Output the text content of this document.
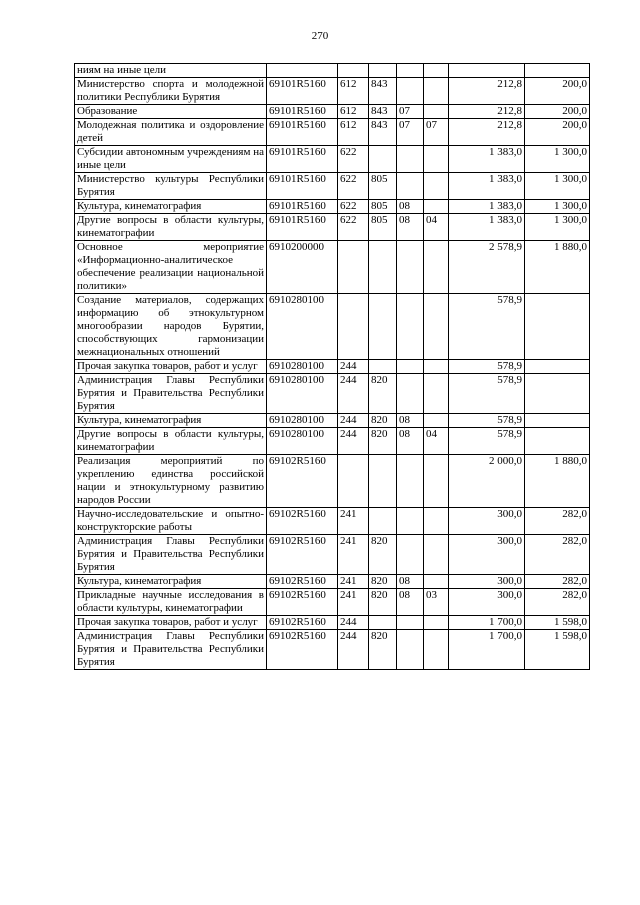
270
ниям на иные цели							
Министерство спорта и молодежной политики Республики Бурятия	69101R5160	612	843			212,8	200,0
Образование	69101R5160	612	843	07		212,8	200,0
Молодежная политика и оздоровление детей	69101R5160	612	843	07	07	212,8	200,0
Субсидии автономным учреждениям на иные цели	69101R5160	622				1 383,0	1 300,0
Министерство культуры Республики Бурятия	69101R5160	622	805			1 383,0	1 300,0
Культура, кинематография	69101R5160	622	805	08		1 383,0	1 300,0
Другие вопросы в области культуры, кинематографии	69101R5160	622	805	08	04	1 383,0	1 300,0
Основное мероприятие «Информационно-аналитическое обеспечение реализации национальной политики»	6910200000					2 578,9	1 880,0
Создание материалов, содержащих информацию об этнокультурном многообразии народов Бурятии, способствующих гармонизации межнациональных отношений	6910280100					578,9	
Прочая закупка товаров, работ и услуг	6910280100	244				578,9	
Администрация Главы Республики Бурятия и Правительства Республики Бурятия	6910280100	244	820			578,9	
Культура, кинематография	6910280100	244	820	08		578,9	
Другие вопросы в области культуры, кинематографии	6910280100	244	820	08	04	578,9	
Реализация мероприятий по укреплению единства российской нации и этнокультурному развитию народов России	69102R5160					2 000,0	1 880,0
Научно-исследовательские и опытно-конструкторские работы	69102R5160	241				300,0	282,0
Администрация Главы Республики Бурятия и Правительства Республики Бурятия	69102R5160	241	820			300,0	282,0
Культура, кинематография	69102R5160	241	820	08		300,0	282,0
Прикладные научные исследования в области культуры, кинематографии	69102R5160	241	820	08	03	300,0	282,0
Прочая закупка товаров, работ и услуг	69102R5160	244				1 700,0	1 598,0
Администрация Главы Республики Бурятия и Правительства Республики Бурятия	69102R5160	244	820			1 700,0	1 598,0
